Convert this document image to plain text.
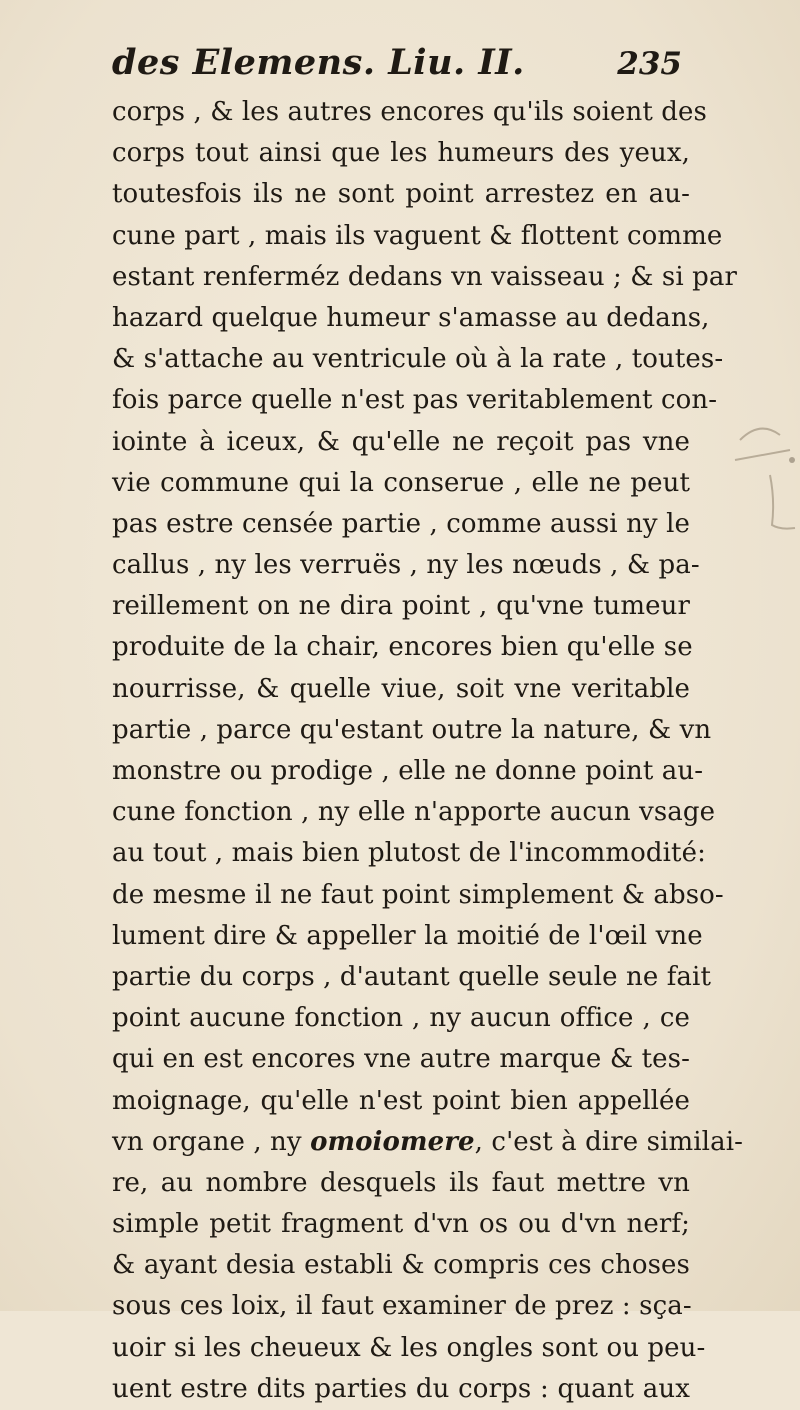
des Elemens. Liu. II.	235
corps , & les autres encores qu'ils soient des
corps tout ainsi que les humeurs des yeux,
toutesfois ils ne sont point arrestez en au-
cune part , mais ils vaguent & flottent comme
estant renferméz dedans vn vaisseau ; & si par
hazard quelque humeur s'amasse au dedans,
& s'attache au ventricule où à la rate , toutes-
fois parce quelle n'est pas veritablement con-
iointe à iceux, & qu'elle ne reçoit pas vne
vie commune qui la conserue , elle ne peut
pas estre censée partie , comme aussi ny le
callus , ny les verruës , ny les nœuds , & pa-
reillement on ne dira point , qu'vne tumeur
produite de la chair, encores bien qu'elle se
nourrisse, & quelle viue, soit vne veritable
partie , parce qu'estant outre la nature, & vn
monstre ou prodige , elle ne donne point au-
cune fonction , ny elle n'apporte aucun vsage
au tout , mais bien plutost de l'incommodité:
de mesme il ne faut point simplement & abso-
lument dire & appeller la moitié de l'œil vne
partie du corps , d'autant quelle seule ne fait
point aucune fonction , ny aucun office , ce
qui en est encores vne autre marque & tes-
moignage, qu'elle n'est point bien appellée
vn organe , ny omoiomere, c'est à dire similai-
re, au nombre desquels ils faut mettre vn
simple petit fragment d'vn os ou d'vn nerf;
& ayant desia establi & compris ces choses
sous ces loix, il faut examiner de prez : sça-
uoir si les cheueux & les ongles sont ou peu-
uent estre dits parties du corps : quant aux
